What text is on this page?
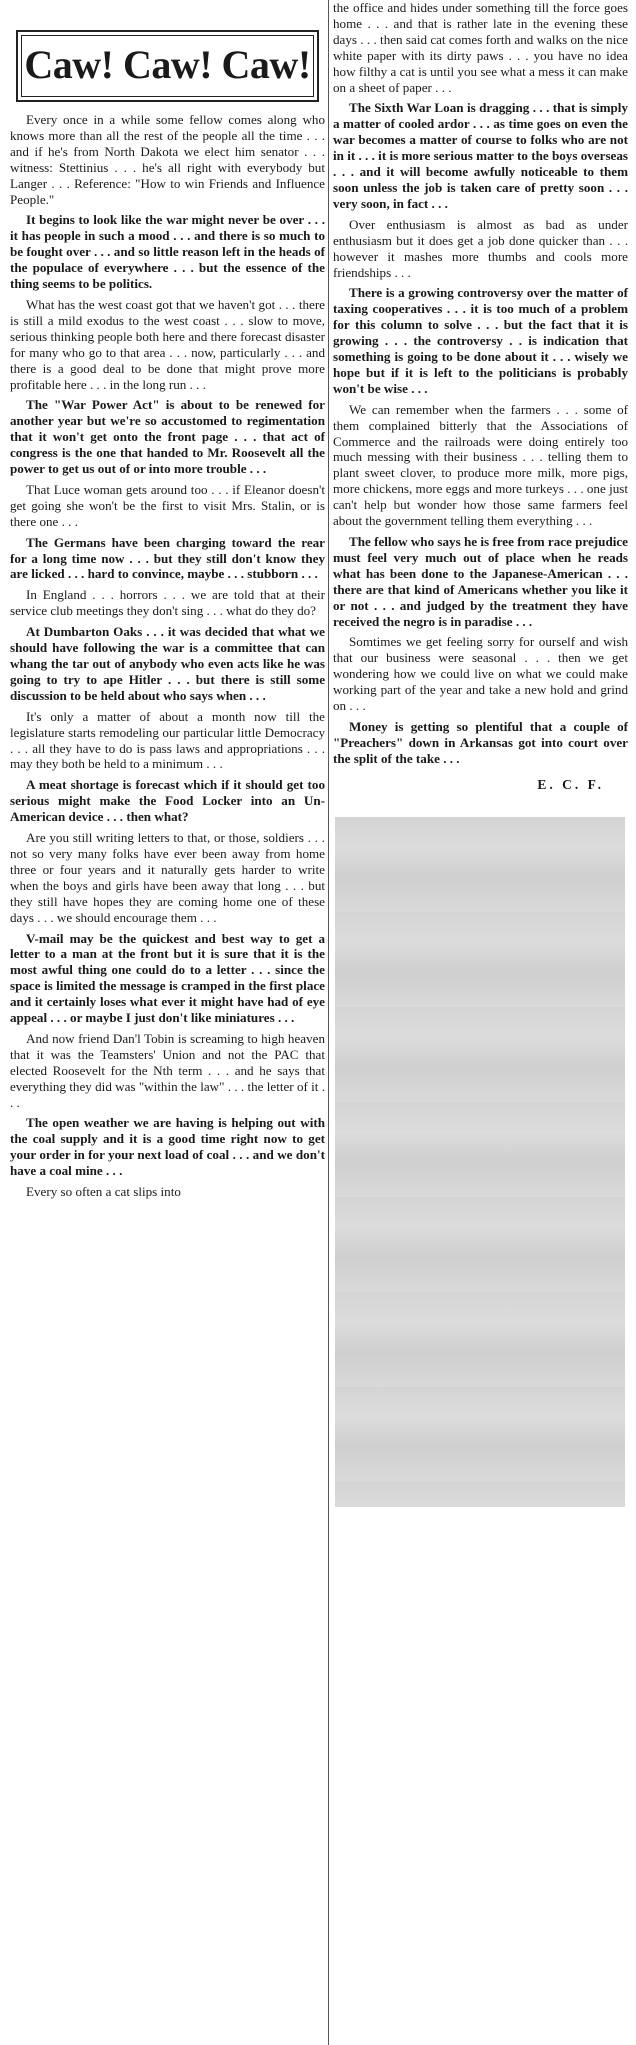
Caw! Caw! Caw!

Every once in a while some fellow comes along who knows more than all the rest of the people all the time . . . and if he's from North Dakota we elect him senator . . . witness: Stettinius . . . he's all right with everybody but Langer . . . Reference: "How to win Friends and Influence People."

It begins to look like the war might never be over . . . it has people in such a mood . . . and there is so much to be fought over . . . and so little reason left in the heads of the populace of everywhere . . . but the essence of the thing seems to be politics.

What has the west coast got that we haven't got . . . there is still a mild exodus to the west coast . . . slow to move, serious thinking people both here and there forecast disaster for many who go to that area . . . now, particularly . . . and there is a good deal to be done that might prove more profitable here . . . in the long run . . .

The "War Power Act" is about to be renewed for another year but we're so accustomed to regimentation that it won't get onto the front page . . . that act of congress is the one that handed to Mr. Roosevelt all the power to get us out of or into more trouble . . .

That Luce woman gets around too . . . if Eleanor doesn't get going she won't be the first to visit Mrs. Stalin, or is there one . . .

The Germans have been charging toward the rear for a long time now . . . but they still don't know they are licked . . . hard to convince, maybe . . . stubborn . . .

In England . . . horrors . . . we are told that at their service club meetings they don't sing . . . what do they do?

At Dumbarton Oaks . . . it was decided that what we should have following the war is a committee that can whang the tar out of anybody who even acts like he was going to try to ape Hitler . . . but there is still some discussion to be held about who says when . . .

It's only a matter of about a month now till the legislature starts remodeling our particular little Democracy . . . all they have to do is pass laws and appropriations . . . may they both be held to a minimum . . .

A meat shortage is forecast which if it should get too serious might make the Food Locker into an Un-American device . . . then what?

Are you still writing letters to that, or those, soldiers . . . not so very many folks have ever been away from home three or four years and it naturally gets harder to write when the boys and girls have been away that long . . . but they still have hopes they are coming home one of these days . . . we should encourage them . . .

V-mail may be the quickest and best way to get a letter to a man at the front but it is sure that it is the most awful thing one could do to a letter . . . since the space is limited the message is cramped in the first place and it certainly loses what ever it might have had of eye appeal . . . or maybe I just don't like miniatures . . .

And now friend Dan'l Tobin is screaming to high heaven that it was the Teamsters' Union and not the PAC that elected Roosevelt for the Nth term . . . and he says that everything they did was "within the law" . . . the letter of it . . .

The open weather we are having is helping out with the coal supply and it is a good time right now to get your order in for your next load of coal . . . and we don't have a coal mine . . .

Every so often a cat slips into

the office and hides under something till the force goes home . . . and that is rather late in the evening these days . . . then said cat comes forth and walks on the nice white paper with its dirty paws . . . you have no idea how filthy a cat is until you see what a mess it can make on a sheet of paper . . .

The Sixth War Loan is dragging . . . that is simply a matter of cooled ardor . . . as time goes on even the war becomes a matter of course to folks who are not in it . . . it is more serious matter to the boys overseas . . . and it will become awfully noticeable to them soon unless the job is taken care of pretty soon . . . very soon, in fact . . .

Over enthusiasm is almost as bad as under enthusiasm but it does get a job done quicker than . . . however it mashes more thumbs and cools more friendships . . .

There is a growing controversy over the matter of taxing cooperatives . . . it is too much of a problem for this column to solve . . . but the fact that it is growing . . . the controversy . . is indication that something is going to be done about it . . . wisely we hope but if it is left to the politicians is probably won't be wise . . .

We can remember when the farmers . . . some of them complained bitterly that the Associations of Commerce and the railroads were doing entirely too much messing with their business . . . telling them to plant sweet clover, to produce more milk, more pigs, more chickens, more eggs and more turkeys . . . one just can't help but wonder how those same farmers feel about the government telling them everything . . .

The fellow who says he is free from race prejudice must feel very much out of place when he reads what has been done to the Japanese-American . . . there are that kind of Americans whether you like it or not . . . and judged by the treatment they have received the negro is in paradise . . .

Somtimes we get feeling sorry for ourself and wish that our business were seasonal . . . then we get wondering how we could live on what we could make working part of the year and take a new hold and grind on . . .

Money is getting so plentiful that a couple of "Preachers" down in Arkansas got into court over the split of the take . . .

E. C. F.
